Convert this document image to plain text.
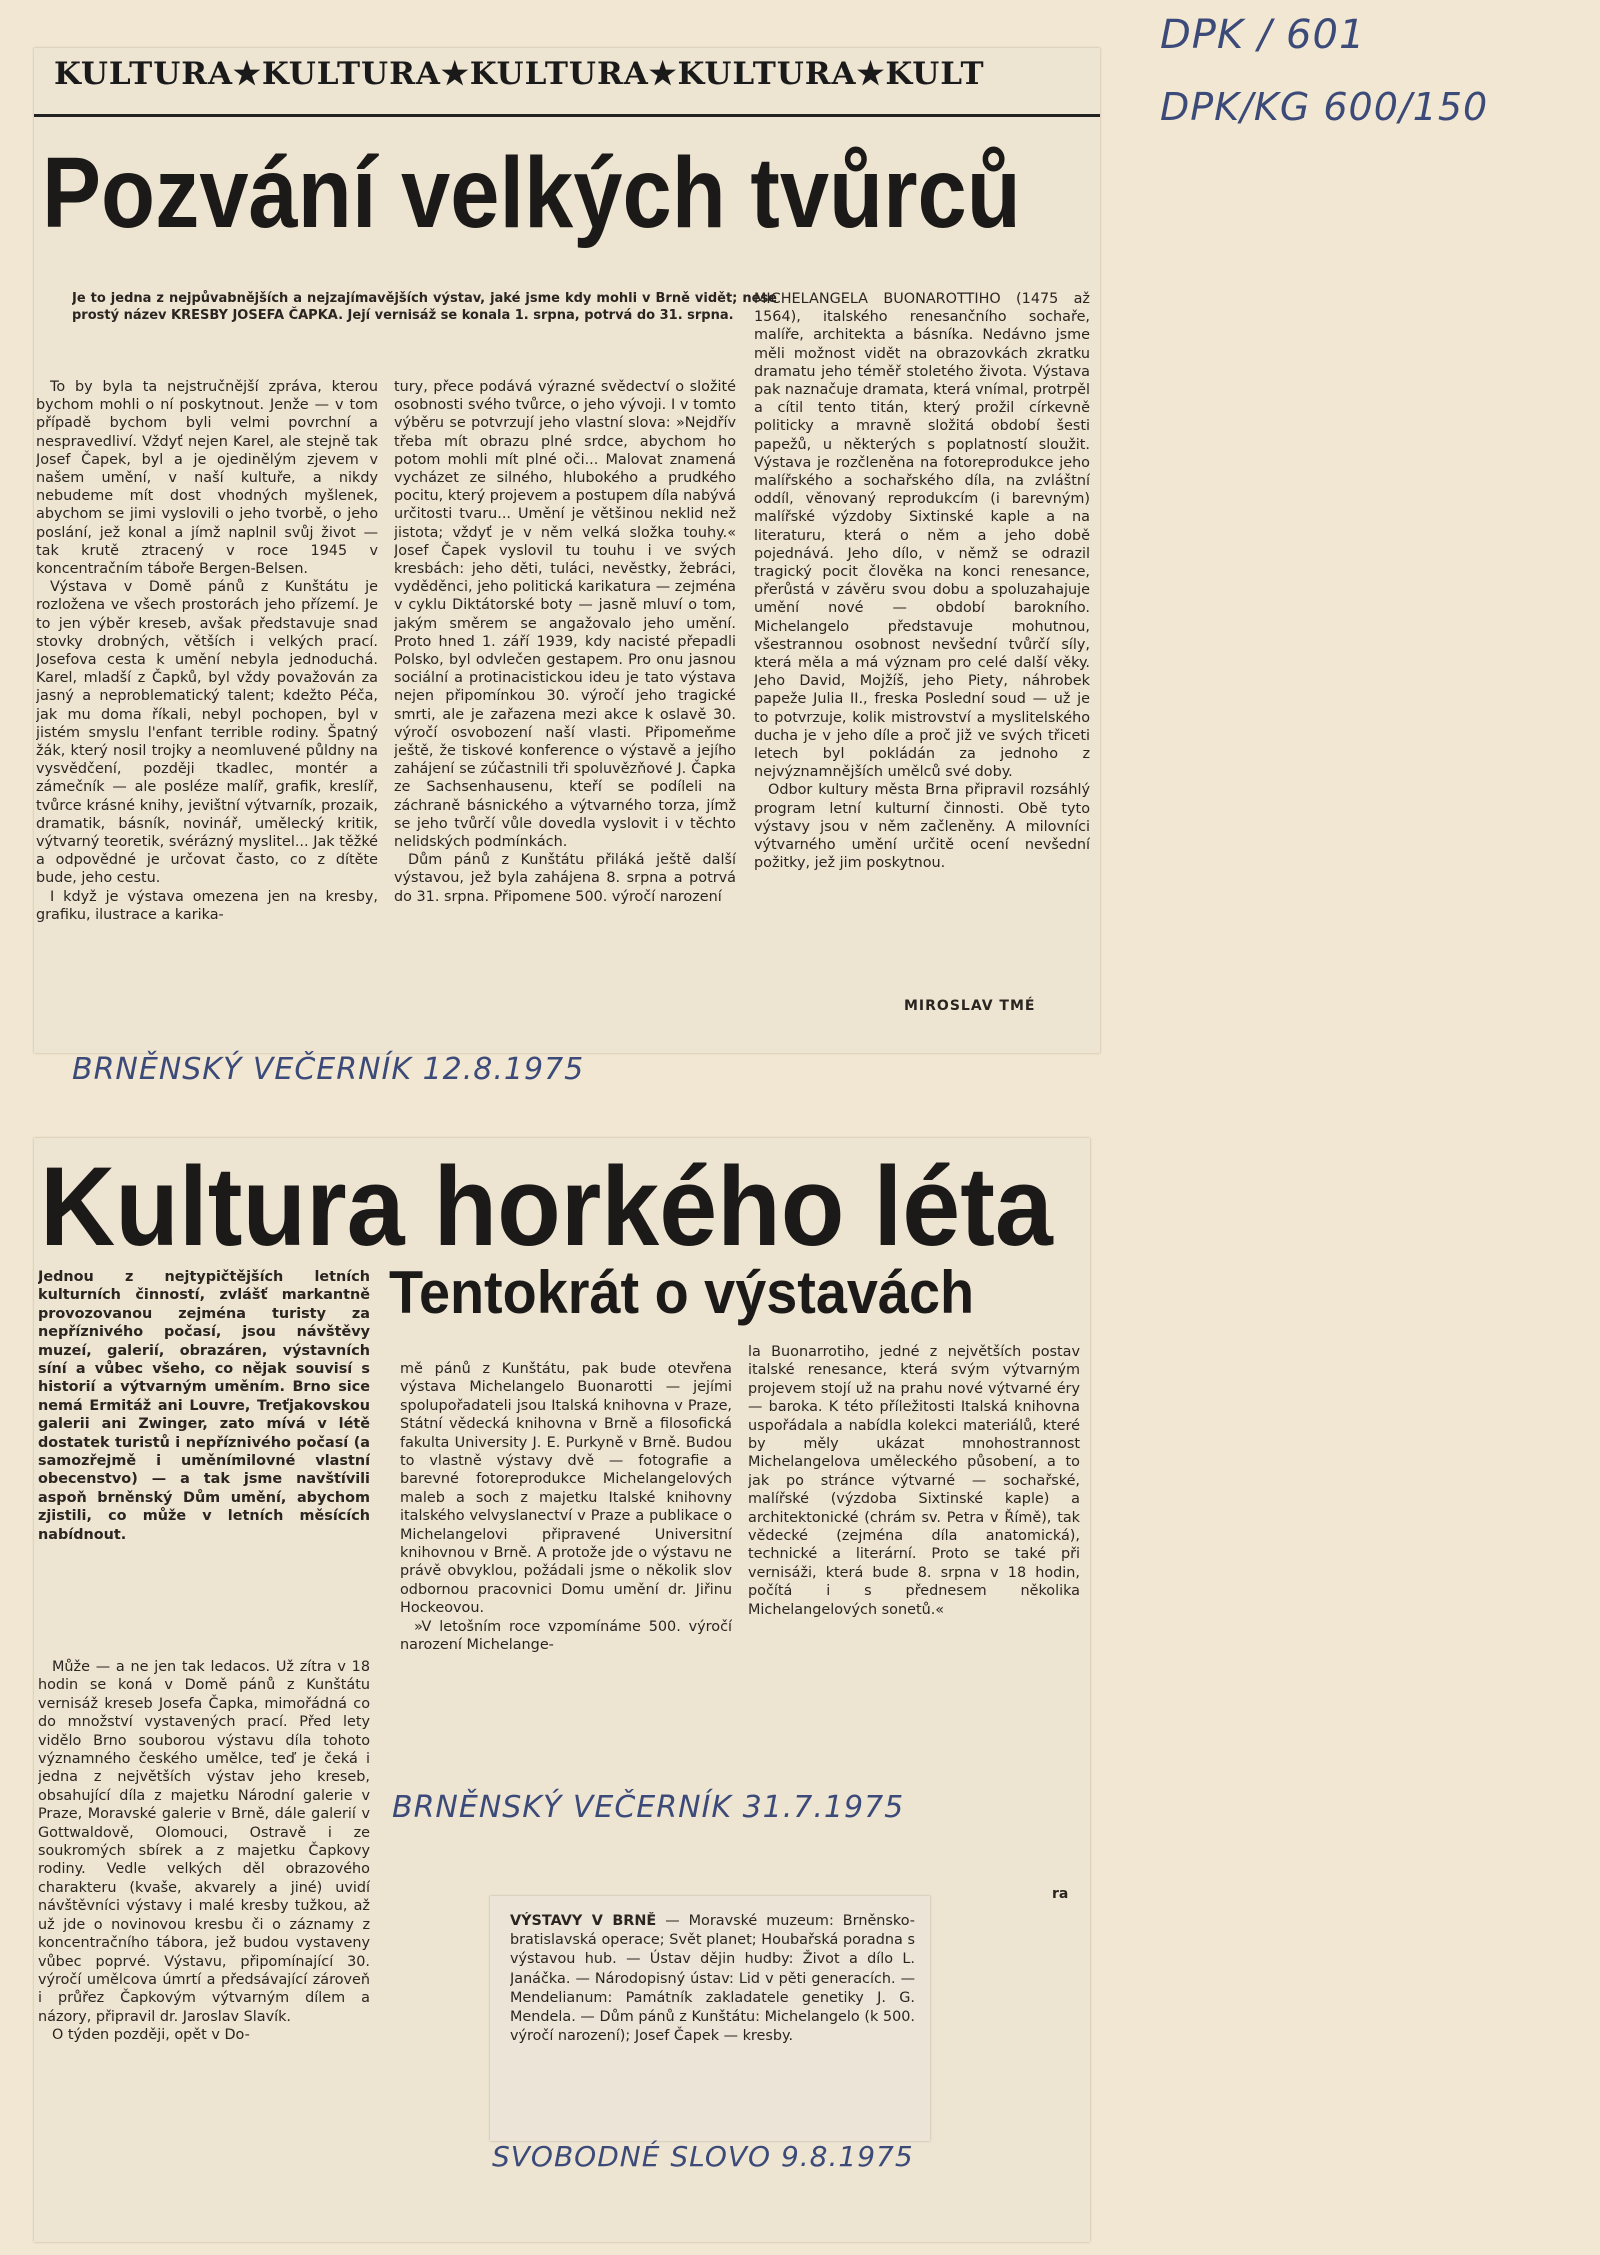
DPK / 601
DPK/KG 600/150
KULTURA★KULTURA★KULTURA★KULTURA★KULT
Pozvání velkých tvůrců
Je to jedna z nejpůvabnějších a nejzajímavějších výstav, jaké jsme kdy mohli v Brně vidět; nese prostý název KRESBY JOSEFA ČAPKA. Její vernisáž se konala 1. srpna, potrvá do 31. srpna.

To by byla ta nejstručnější zpráva, kterou bychom mohli o ní poskytnout. Jenže — v tom případě bychom byli velmi povrchní a nespravedliví. Vždyť nejen Karel, ale stejně tak Josef Čapek, byl a je ojedinělým zjevem v našem umění, v naší kultuře, a nikdy nebudeme mít dost vhodných myšlenek, abychom se jimi vyslovili o jeho tvorbě, o jeho poslání, jež konal a jímž naplnil svůj život — tak krutě ztracený v roce 1945 v koncentračním táboře Bergen-Belsen.

Výstava v Domě pánů z Kunštátu je rozložena ve všech prostorách jeho přízemí. Je to jen výběr kreseb, avšak představuje snad stovky drobných, větších i velkých prací. Josefova cesta k umění nebyla jednoduchá. Karel, mladší z Čapků, byl vždy považován za jasný a neproblematický talent; kdežto Péča, jak mu doma říkali, nebyl pochopen, byl v jistém smyslu l'enfant terrible rodiny. Špatný žák, který nosil trojky a neomluvené půldny na vysvědčení, později tkadlec, montér a zámečník — ale posléze malíř, grafik, kreslíř, tvůrce krásné knihy, jevištní výtvarník, prozaik, dramatik, básník, novinář, umělecký kritik, výtvarný teoretik, svérázný myslitel... Jak těžké a odpovědné je určovat často, co z dítěte bude, jeho cestu.

I když je výstava omezena jen na kresby, grafiku, ilustrace a karika-

tury, přece podává výrazné svědectví o složité osobnosti svého tvůrce, o jeho vývoji. I v tomto výběru se potvrzují jeho vlastní slova: »Nejdřív třeba mít obrazu plné srdce, abychom ho potom mohli mít plné oči... Malovat znamená vycházet ze silného, hlubokého a prudkého pocitu, který projevem a postupem díla nabývá určitosti tvaru... Umění je většinou neklid než jistota; vždyť je v něm velká složka touhy.« Josef Čapek vyslovil tu touhu i ve svých kresbách: jeho děti, tuláci, nevěstky, žebráci, vyděděnci, jeho politická karikatura — zejména v cyklu Diktátorské boty — jasně mluví o tom, jakým směrem se angažovalo jeho umění. Proto hned 1. září 1939, kdy nacisté přepadli Polsko, byl odvlečen gestapem. Pro onu jasnou sociální a protinacistickou ideu je tato výstava nejen připomínkou 30. výročí jeho tragické smrti, ale je zařazena mezi akce k oslavě 30. výročí osvobození naší vlasti. Připomeňme ještě, že tiskové konference o výstavě a jejího zahájení se zúčastnili tři spoluvězňové J. Čapka ze Sachsenhausenu, kteří se podíleli na záchraně básnického a výtvarného torza, jímž se jeho tvůrčí vůle dovedla vyslovit i v těchto nelidských podmínkách.

Dům pánů z Kunštátu přiláká ještě další výstavou, jež byla zahájena 8. srpna a potrvá do 31. srpna. Připomene 500. výročí narození

MICHELANGELA BUONAROTTIHO (1475 až 1564), italského renesančního sochaře, malíře, architekta a básníka. Nedávno jsme měli možnost vidět na obrazovkách zkratku dramatu jeho téměř stoletého života. Výstava pak naznačuje dramata, která vnímal, protrpěl a cítil tento titán, který prožil církevně politicky a mravně složitá období šesti papežů, u některých s poplatností sloužit. Výstava je rozčleněna na fotoreprodukce jeho malířského a sochařského díla, na zvláštní oddíl, věnovaný reprodukcím (i barevným) malířské výzdoby Sixtinské kaple a na literaturu, která o něm a jeho době pojednává. Jeho dílo, v němž se odrazil tragický pocit člověka na konci renesance, přerůstá v závěru svou dobu a spoluzahajuje umění nové — období barokního. Michelangelo představuje mohutnou, všestrannou osobnost nevšední tvůrčí síly, která měla a má význam pro celé další věky. Jeho David, Mojžíš, jeho Piety, náhrobek papeže Julia II., freska Poslední soud — už je to potvrzuje, kolik mistrovství a myslitelského ducha je v jeho díle a proč již ve svých třiceti letech byl pokládán za jednoho z nejvýznamnějších umělců své doby.

Odbor kultury města Brna připravil rozsáhlý program letní kulturní činnosti. Obě tyto výstavy jsou v něm začleněny. A milovníci výtvarného umění určitě ocení nevšední požitky, jež jim poskytnou.

MIROSLAV TMÉ
BRNĚNSKÝ VEČERNÍK 12.8.1975
Kultura horkého léta
Tentokrát o výstavách
Jednou z nejtypičtějších letních kulturních činností, zvlášť markantně provozovanou zejména turisty za nepříznivého počasí, jsou návštěvy muzeí, galerií, obrazáren, výstavních síní a vůbec všeho, co nějak souvisí s historií a výtvarným uměním. Brno sice nemá Ermitáž ani Louvre, Treťjakovskou galerii ani Zwinger, zato mívá v létě dostatek turistů i nepříznivého počasí (a samozřejmě i uměnímilovné vlastní obecenstvo) — a tak jsme navštívili aspoň brněnský Dům umění, abychom zjistili, co může v letních měsících nabídnout.

Může — a ne jen tak ledacos. Už zítra v 18 hodin se koná v Domě pánů z Kunštátu vernisáž kreseb Josefa Čapka, mimořádná co do množství vystavených prací. Před lety vidělo Brno souborou výstavu díla tohoto významného českého umělce, teď je čeká i jedna z největších výstav jeho kreseb, obsahující díla z majetku Národní galerie v Praze, Moravské galerie v Brně, dále galerií v Gottwaldově, Olomouci, Ostravě i ze soukromých sbírek a z majetku Čapkovy rodiny. Vedle velkých děl obrazového charakteru (kvaše, akvarely a jiné) uvidí návštěvníci výstavy i malé kresby tužkou, až už jde o novinovou kresbu či o záznamy z koncentračního tábora, jež budou vystaveny vůbec poprvé. Výstavu, připomínající 30. výročí umělcova úmrtí a předsávající zároveň i průřez Čapkovým výtvarným dílem a názory, připravil dr. Jaroslav Slavík.

O týden později, opět v Do-

mě pánů z Kunštátu, pak bude otevřena výstava Michelangelo Buonarotti — jejími spolupořadateli jsou Italská knihovna v Praze, Státní vědecká knihovna v Brně a filosofická fakulta University J. E. Purkyně v Brně. Budou to vlastně výstavy dvě — fotografie a barevné fotoreprodukce Michelangelových maleb a soch z majetku Italské knihovny italského velvyslanectví v Praze a publikace o Michelangelovi připravené Universitní knihovnou v Brně. A protože jde o výstavu ne právě obvyklou, požádali jsme o několik slov odbornou pracovnici Domu umění dr. Jiřinu Hockeovou.

»V letošním roce vzpomínáme 500. výročí narození Michelange-

la Buonarrotiho, jedné z největších postav italské renesance, která svým výtvarným projevem stojí už na prahu nové výtvarné éry — baroka. K této příležitosti Italská knihovna uspořádala a nabídla kolekci materiálů, které by měly ukázat mnohostrannost Michelangelova uměleckého působení, a to jak po stránce výtvarné — sochařské, malířské (výzdoba Sixtinské kaple) a architektonické (chrám sv. Petra v Římě), tak vědecké (zejména díla anatomická), technické a literární. Proto se také při vernisáži, která bude 8. srpna v 18 hodin, počítá i s přednesem několika Michelangelových sonetů.«

ra
BRNĚNSKÝ VEČERNÍK 31.7.1975

VÝSTAVY V BRNĚ — Moravské muzeum: Brněnsko-bratislavská operace; Svět planet; Houbařská poradna s výstavou hub. — Ústav dějin hudby: Život a dílo L. Janáčka. — Národopisný ústav: Lid v pěti generacích. — Mendelianum: Památník zakladatele genetiky J. G. Mendela. — Dům pánů z Kunštátu: Michelangelo (k 500. výročí narození); Josef Čapek — kresby.

SVOBODNÉ SLOVO 9.8.1975
